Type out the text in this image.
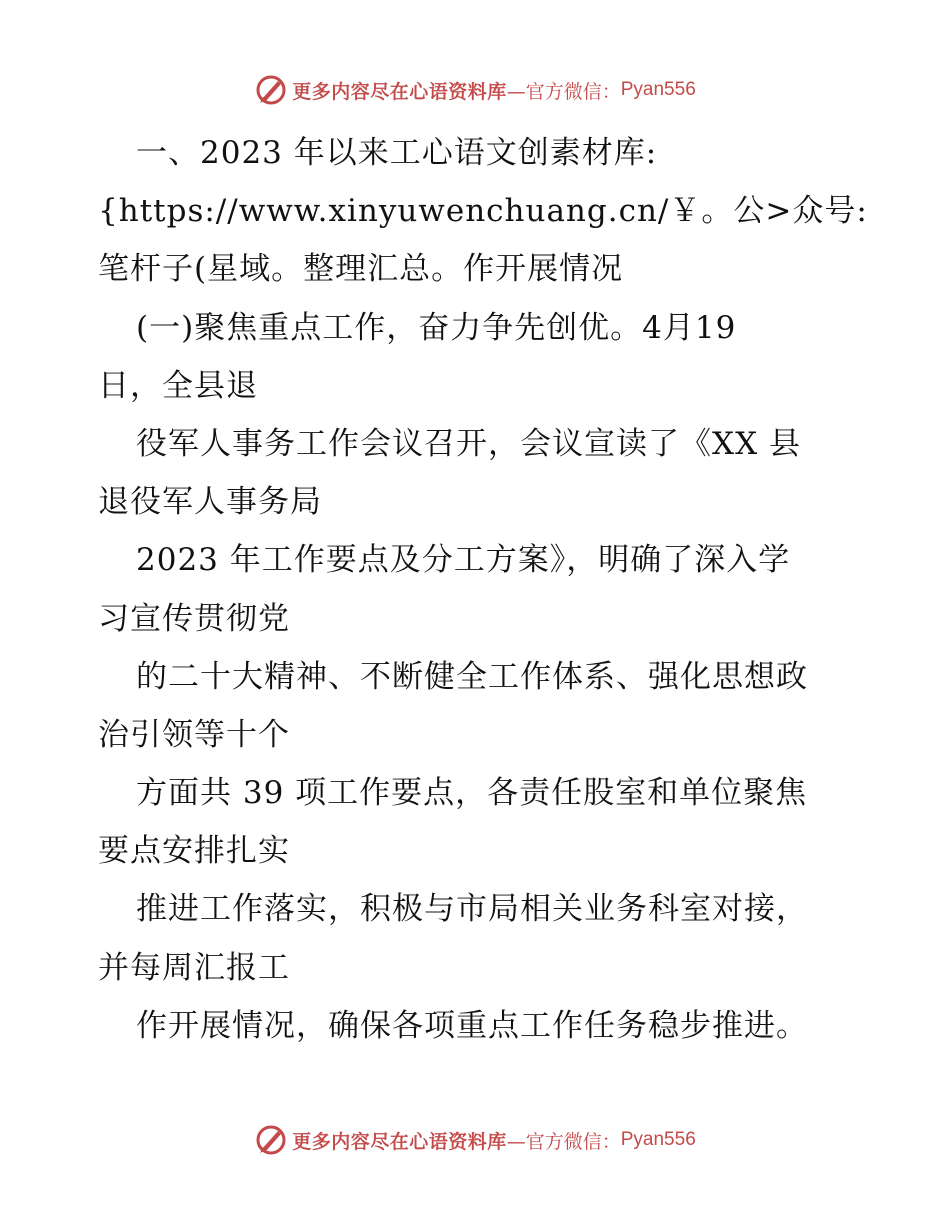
更多内容尽在心语资料库 —官方微信： Pyan556
一、2023 年以来工心语文创素材库:
{https://www.xinyuwenchuang.cn/￥。公>众号:
笔杆子(星域。整理汇总。作开展情况
(一)聚焦重点工作，奋力争先创优。4月19
日，全县退
役军人事务工作会议召开，会议宣读了《XX 县
退役军人事务局
2023 年工作要点及分工方案》，明确了深入学
习宣传贯彻党
的二十大精神、不断健全工作体系、强化思想政
治引领等十个
方面共 39 项工作要点，各责任股室和单位聚焦
要点安排扎实
推进工作落实，积极与市局相关业务科室对接，
并每周汇报工
作开展情况，确保各项重点工作任务稳步推进。
更多内容尽在心语资料库 —官方微信： Pyan556
